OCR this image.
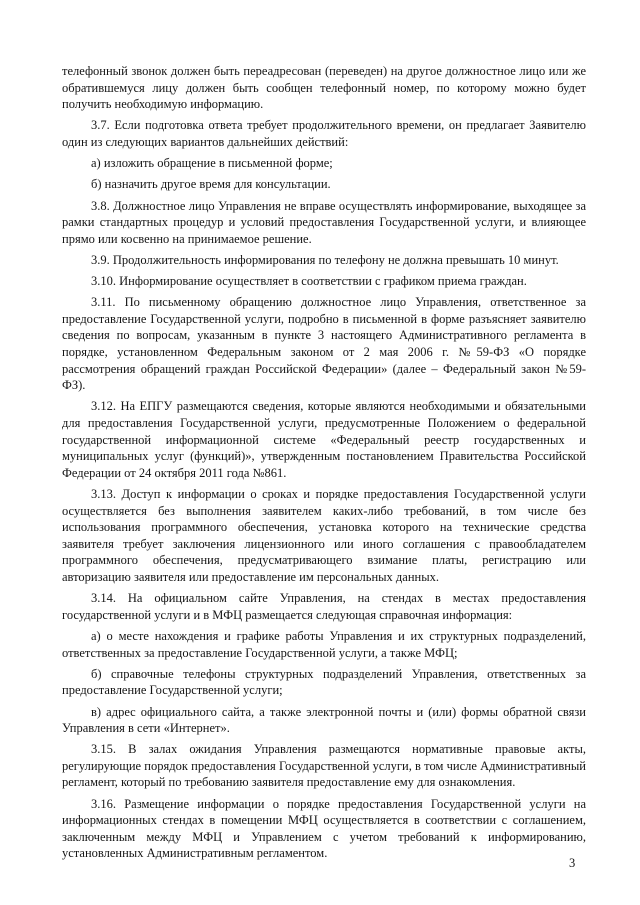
телефонный звонок должен быть переадресован (переведен) на другое должностное лицо или же обратившемуся лицу должен быть сообщен телефонный номер, по которому можно будет получить необходимую информацию.

3.7. Если подготовка ответа требует продолжительного времени, он предлагает Заявителю один из следующих вариантов дальнейших действий:

а) изложить обращение в письменной форме;

б) назначить другое время для консультации.

3.8. Должностное лицо Управления не вправе осуществлять информирование, выходящее за рамки стандартных процедур и условий предоставления Государственной услуги, и влияющее прямо или косвенно на принимаемое решение.

3.9. Продолжительность информирования по телефону не должна превышать 10 минут.

3.10. Информирование осуществляет в соответствии с графиком приема граждан.

3.11. По письменному обращению должностное лицо Управления, ответственное за предоставление Государственной услуги, подробно в письменной в форме разъясняет заявителю сведения по вопросам, указанным в пункте 3 настоящего Административного регламента в порядке, установленном Федеральным законом от 2 мая 2006 г. №59-ФЗ «О порядке рассмотрения обращений граждан Российской Федерации» (далее – Федеральный закон №59-ФЗ).

3.12. На ЕПГУ размещаются сведения, которые являются необходимыми и обязательными для предоставления Государственной услуги, предусмотренные Положением о федеральной государственной информационной системе «Федеральный реестр государственных и муниципальных услуг (функций)», утвержденным постановлением Правительства Российской Федерации от 24 октября 2011 года №861.

3.13. Доступ к информации о сроках и порядке предоставления Государственной услуги осуществляется без выполнения заявителем каких-либо требований, в том числе без использования программного обеспечения, установка которого на технические средства заявителя требует заключения лицензионного или иного соглашения с правообладателем программного обеспечения, предусматривающего взимание платы, регистрацию или авторизацию заявителя или предоставление им персональных данных.

3.14. На официальном сайте Управления, на стендах в местах предоставления государственной услуги и в МФЦ размещается следующая справочная информация:

а) о месте нахождения и графике работы Управления и их структурных подразделений, ответственных за предоставление Государственной услуги, а также МФЦ;

б) справочные телефоны структурных подразделений Управления, ответственных за предоставление Государственной услуги;

в) адрес официального сайта, а также электронной почты и (или) формы обратной связи Управления в сети «Интернет».

3.15. В залах ожидания Управления размещаются нормативные правовые акты, регулирующие порядок предоставления Государственной услуги, в том числе Административный регламент, который по требованию заявителя предоставление ему для ознакомления.

3.16. Размещение информации о порядке предоставления Государственной услуги на информационных стендах в помещении МФЦ осуществляется в соответствии с соглашением, заключенным между МФЦ и Управлением с учетом требований к информированию, установленных Административным регламентом.

3
